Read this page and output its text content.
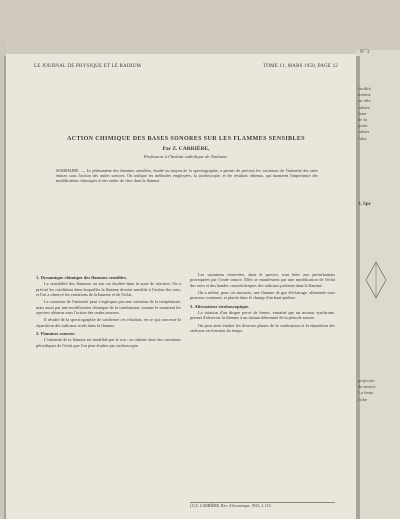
N° 3.
facilité
interne
en rôle
cahier,
faire
de la
porte
cahier
l'abs
3. Spe
projectes
du miroir
La fente
fiche
LE JOURNAL DE PHYSIQUE ET LE RADIUM	TOME 11, MARS 1950, PAGE 12
ACTION CHIMIQUE DES BASES SONORES SUR LES FLAMMES SENSIBLES
Par Z. CARRIÈRE,
Professeur à l'Institut catholique de Toulouse.
SOMMAIRE. — Le phénomène des flammes sensibles, étudié au moyen de la spectrographie, a permis de préciser les variations de l'intensité des raies émises sous l'action des ondes sonores. On indique les méthodes employées, la stroboscopie, et les résultats obtenus, qui montrent l'importance des modifications chimiques et des ondes de choc dans la flamme.
1. Dynamique chimique des flammes sensibles.

La sensibilité des flammes au son est étudiée dans la zone de réaction. On a précisé les conditions dans lesquelles la flamme devient sensible à l'action des sons, et l'on a observé les variations de la hauteur et de l'éclat.

La variation de l'intensité peut s'expliquer par une variation de la température, mais aussi par une modification chimique de la combustion, comme le montrent les spectres obtenus sous l'action des ondes sonores.

Il résulte de la spectrographie de confirmer ces résultats, en ce qui concerne la répartition des radicaux actifs dans la flamme.

2. Flammes sonores.

L'intensité de la flamme est modifiée par le son ; on obtient alors des variations périodiques de l'éclat que l'on peut étudier par stroboscopie.

Les variations observées, dans le spectre, sont liées aux perturbations provoquées par l'onde sonore. Elles se manifestent par une modification de l'éclat des raies et des bandes caractéristiques des radicaux présents dans la flamme.

On a utilisé, pour ces mesures, une flamme de gaz d'éclairage, alimentée sous pression constante, et placée dans le champ d'un haut-parleur.

3. Alternateur stroboscopique.

La rotation d'un disque percé de fentes, entraîné par un moteur synchrone, permet d'observer la flamme à un instant déterminé de la période sonore.

On peut ainsi étudier les diverses phases de la combustion et la répartition des radicaux en fonction du temps.

(1) Z. CARRIÈRE, Rev. d'Acoustique, 1933, 2, 113.
